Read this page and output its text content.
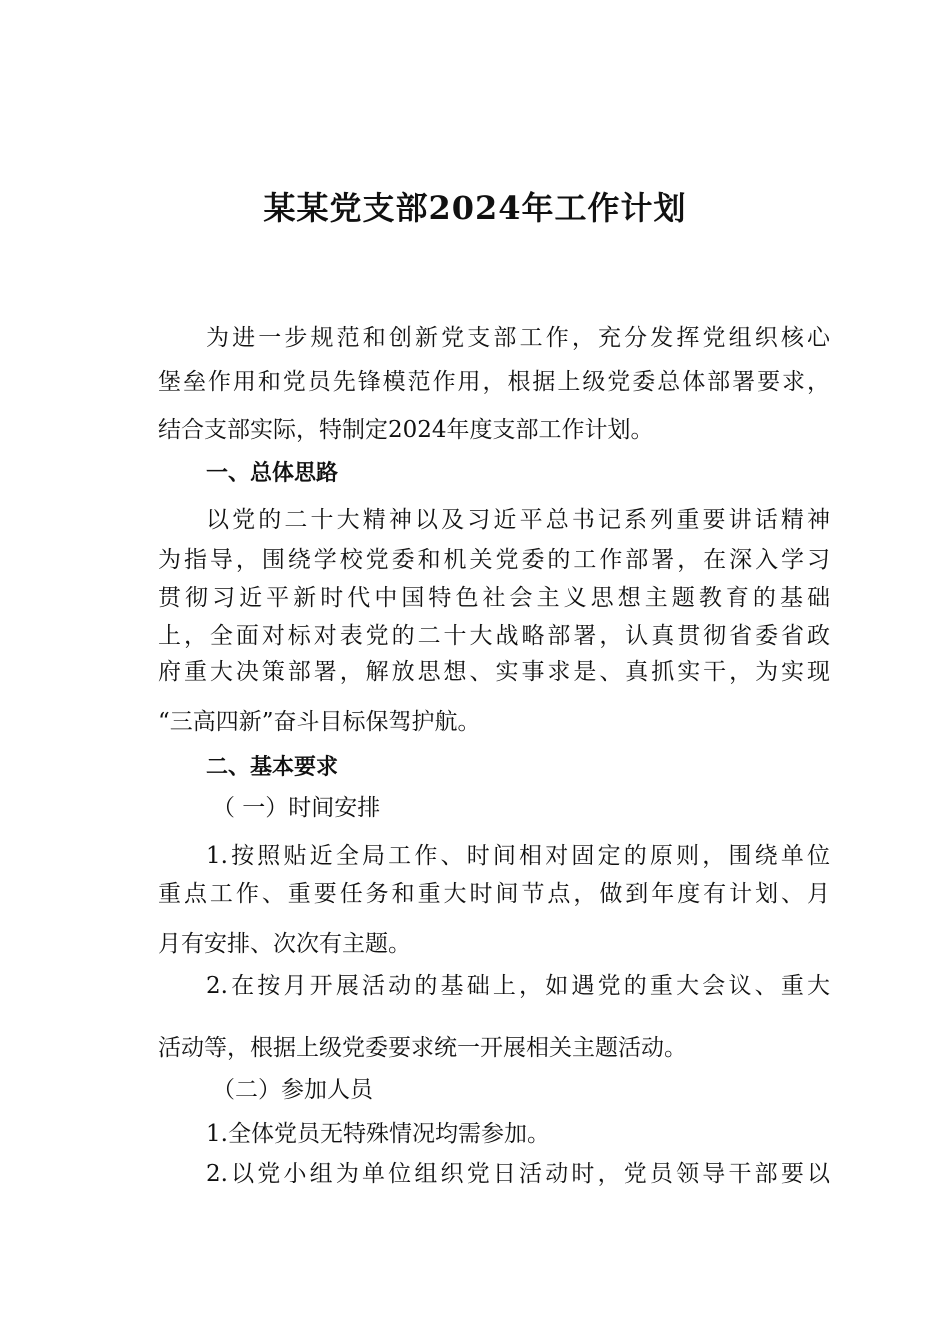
某某党支部2024年工作计划

为进一步规范和创新党支部工作，充分发挥党组织核心

堡垒作用和党员先锋模范作用，根据上级党委总体部署要求，

结合支部实际，特制定2024年度支部工作计划。

一、总体思路

以党的二十大精神以及习近平总书记系列重要讲话精神

为指导，围绕学校党委和机关党委的工作部署，在深入学习

贯彻习近平新时代中国特色社会主义思想主题教育的基础

上，全面对标对表党的二十大战略部署，认真贯彻省委省政

府重大决策部署，解放思想、实事求是、真抓实干，为实现

“三高四新”奋斗目标保驾护航。

二、基本要求

（ 一）时间安排

1.按照贴近全局工作、时间相对固定的原则，围绕单位

重点工作、重要任务和重大时间节点，做到年度有计划、月

月有安排、次次有主题。

2.在按月开展活动的基础上，如遇党的重大会议、重大

活动等，根据上级党委要求统一开展相关主题活动。

（二）参加人员

1.全体党员无特殊情况均需参加。

2.以党小组为单位组织党日活动时，党员领导干部要以
